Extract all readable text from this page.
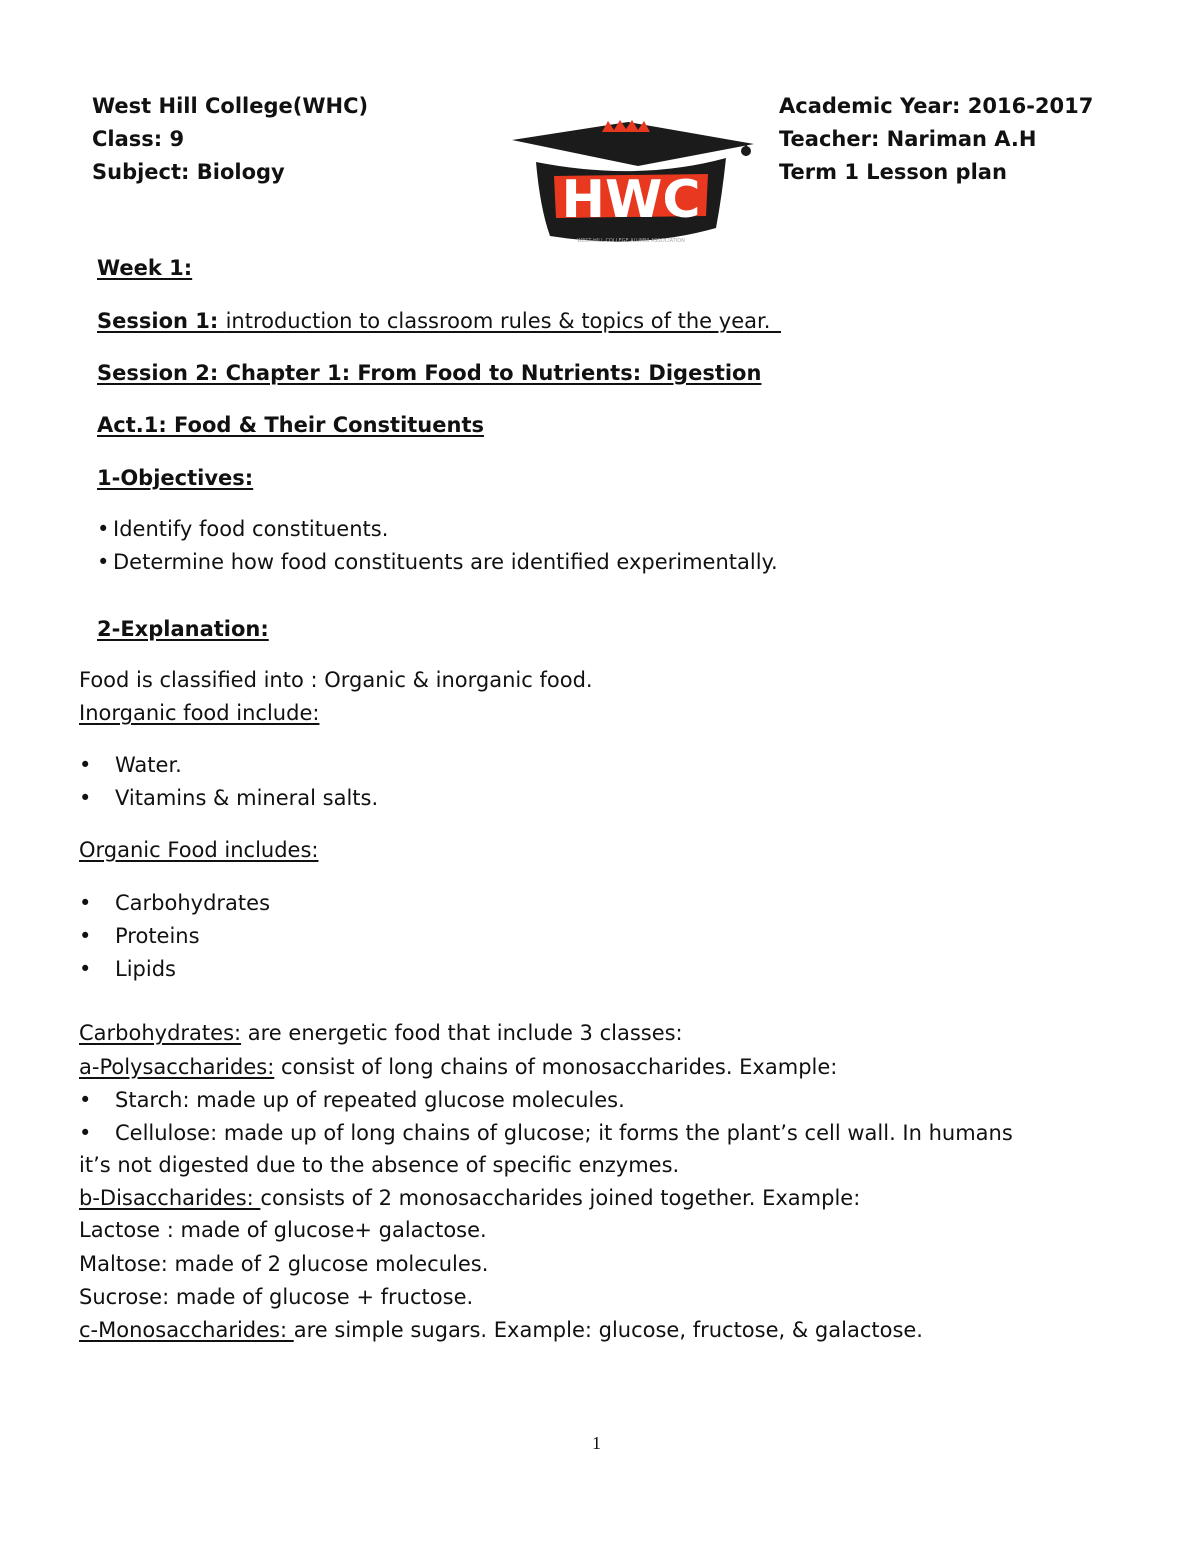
West Hill College(WHC)
Class: 9
Subject: Biology
Academic Year: 2016-2017
Teacher: Nariman A.H
Term 1 Lesson plan
HWC
WEST HILL COLLEGE ALUMNI ASSOCIATION
Week 1:
Session 1: introduction to classroom rules & topics of the year._
Session 2: Chapter 1: From Food to Nutrients: Digestion
Act.1: Food & Their Constituents
1-Objectives:
• Identify food constituents.
• Determine how food constituents are identified experimentally.
2-Explanation:
Food is classified into : Organic & inorganic food.
Inorganic food include:
• Water.
• Vitamins & mineral salts.
Organic Food includes:
• Carbohydrates
• Proteins
• Lipids
Carbohydrates: are energetic food that include 3 classes:
a-Polysaccharides: consist of long chains of monosaccharides. Example:
• Starch: made up of repeated glucose molecules.
• Cellulose: made up of long chains of glucose; it forms the plant’s cell wall. In humans
it’s not digested due to the absence of specific enzymes.
b-Disaccharides: consists of 2 monosaccharides joined together. Example:
Lactose : made of glucose+ galactose.
Maltose: made of 2 glucose molecules.
Sucrose: made of glucose + fructose.
c-Monosaccharides: are simple sugars. Example: glucose, fructose, & galactose.
1
